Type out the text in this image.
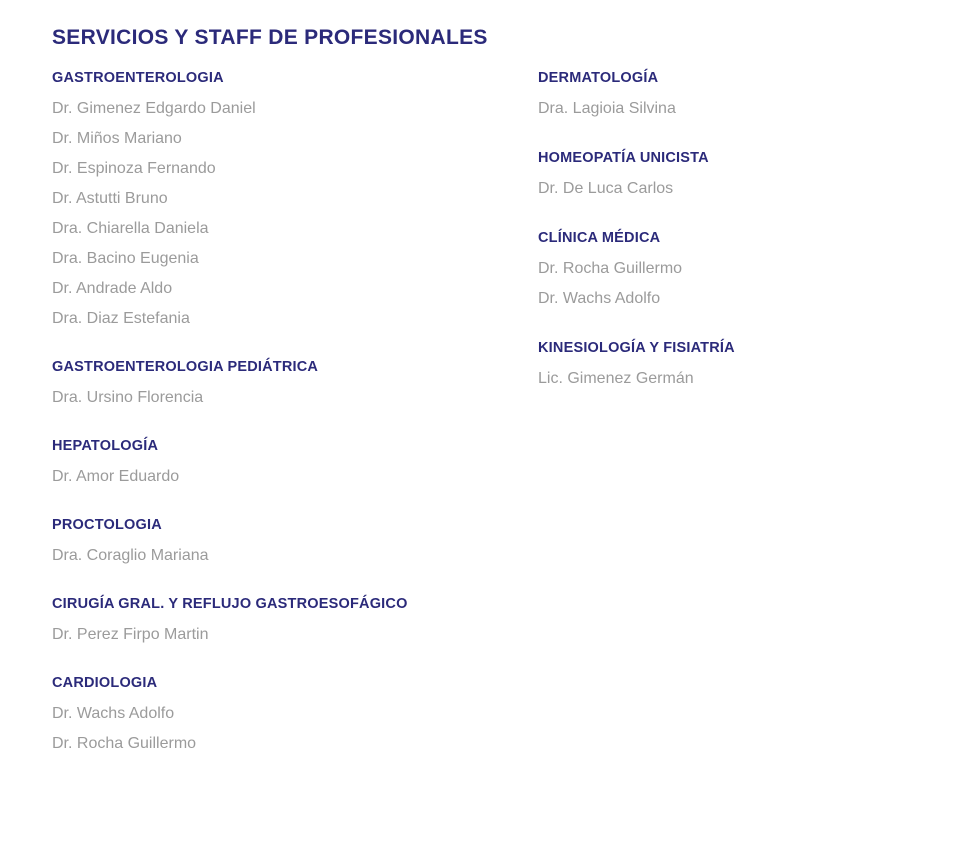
SERVICIOS Y STAFF DE PROFESIONALES
GASTROENTEROLOGIA
Dr. Gimenez Edgardo Daniel
Dr. Miños Mariano
Dr. Espinoza Fernando
Dr. Astutti Bruno
Dra. Chiarella Daniela
Dra. Bacino Eugenia
Dr. Andrade Aldo
Dra. Diaz Estefania
GASTROENTEROLOGIA PEDIÁTRICA
Dra. Ursino Florencia
HEPATOLOGÍA
Dr. Amor Eduardo
PROCTOLOGIA
Dra. Coraglio Mariana
CIRUGÍA GRAL. Y REFLUJO GASTROESOFÁGICO
Dr. Perez Firpo Martin
CARDIOLOGIA
Dr. Wachs Adolfo
Dr. Rocha Guillermo
DERMATOLOGÍA
Dra. Lagioia Silvina
HOMEOPATÍA UNICISTA
Dr. De Luca Carlos
CLÍNICA MÉDICA
Dr. Rocha Guillermo
Dr. Wachs Adolfo
KINESIOLOGÍA Y FISIATRÍA
Lic. Gimenez Germán
